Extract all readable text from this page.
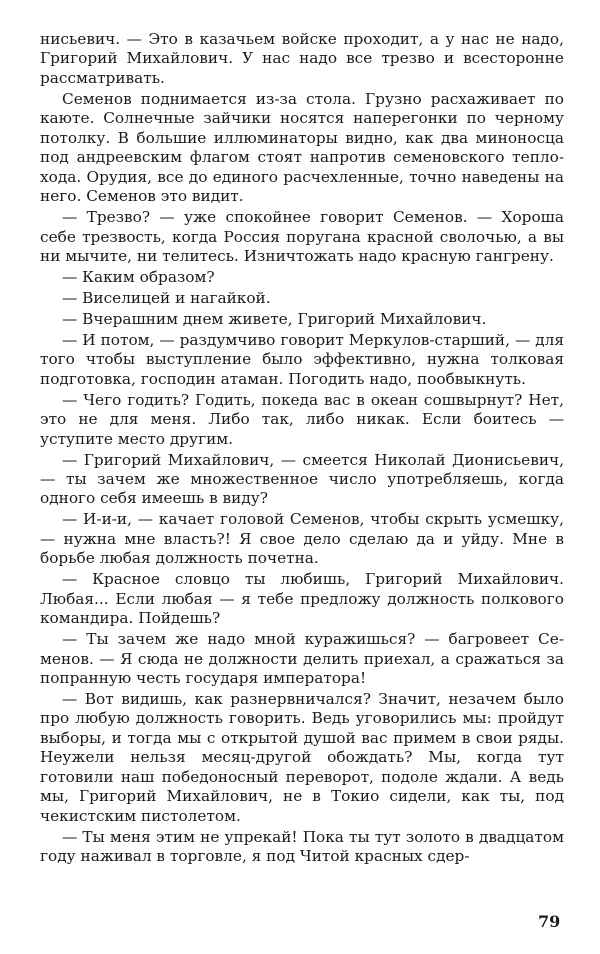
нисьевич. — Это в казачьем войске проходит, а у нас не надо, Григорий Михайлович. У нас надо все трезво и всесторонне рассматривать.

Семенов поднимается из-за стола. Грузно расхаживает по каюте. Солнечные зайчики носятся наперегонки по черному потолку. В большие иллюминаторы видно, как два миноносца под андреевским флагом стоят напротив семеновского теплохода. Орудия, все до единого расчехленные, точно наведены на него. Семенов это видит.

— Трезво? — уже спокойнее говорит Семенов. — Хороша себе трезвость, когда Россия поругана красной сволочью, а вы ни мычите, ни телитесь. Изничтожать надо красную гангрену.

— Каким образом?

— Виселицей и нагайкой.

— Вчерашним днем живете, Григорий Михайлович.

— И потом, — раздумчиво говорит Меркулов-старший, — для того чтобы выступление было эффективно, нужна толковая подготовка, господин атаман. Погодить надо, пообвыкнуть.

— Чего годить? Годить, покеда вас в океан сошвырнут? Нет, это не для меня. Либо так, либо никак. Если боитесь — уступите место другим.

— Григорий Михайлович, — смеется Николай Дионисьевич, — ты зачем же множественное число употребляешь, когда одного себя имеешь в виду?

— И-и-и, — качает головой Семенов, чтобы скрыть усмешку, — нужна мне власть?! Я свое дело сделаю да и уйду. Мне в борьбе любая должность почетна.

— Красное словцо ты любишь, Григорий Михайлович. Любая... Если любая — я тебе предложу должность полкового командира. Пойдешь?

— Ты зачем же надо мной куражишься? — багровеет Семенов. — Я сюда не должности делить приехал, а сражаться за попранную честь государя императора!

— Вот видишь, как разнервничался? Значит, незачем было про любую должность говорить. Ведь уговорились мы: пройдут выборы, и тогда мы с открытой душой вас примем в свои ряды. Неужели нельзя месяц-другой обождать? Мы, когда тут готовили наш победоносный переворот, подоле ждали. А ведь мы, Григорий Михайлович, не в Токио сидели, как ты, под чекистским пистолетом.

— Ты меня этим не упрекай! Пока ты тут золото в двадцатом году наживал в торговле, я под Читой красных сдер-

79
